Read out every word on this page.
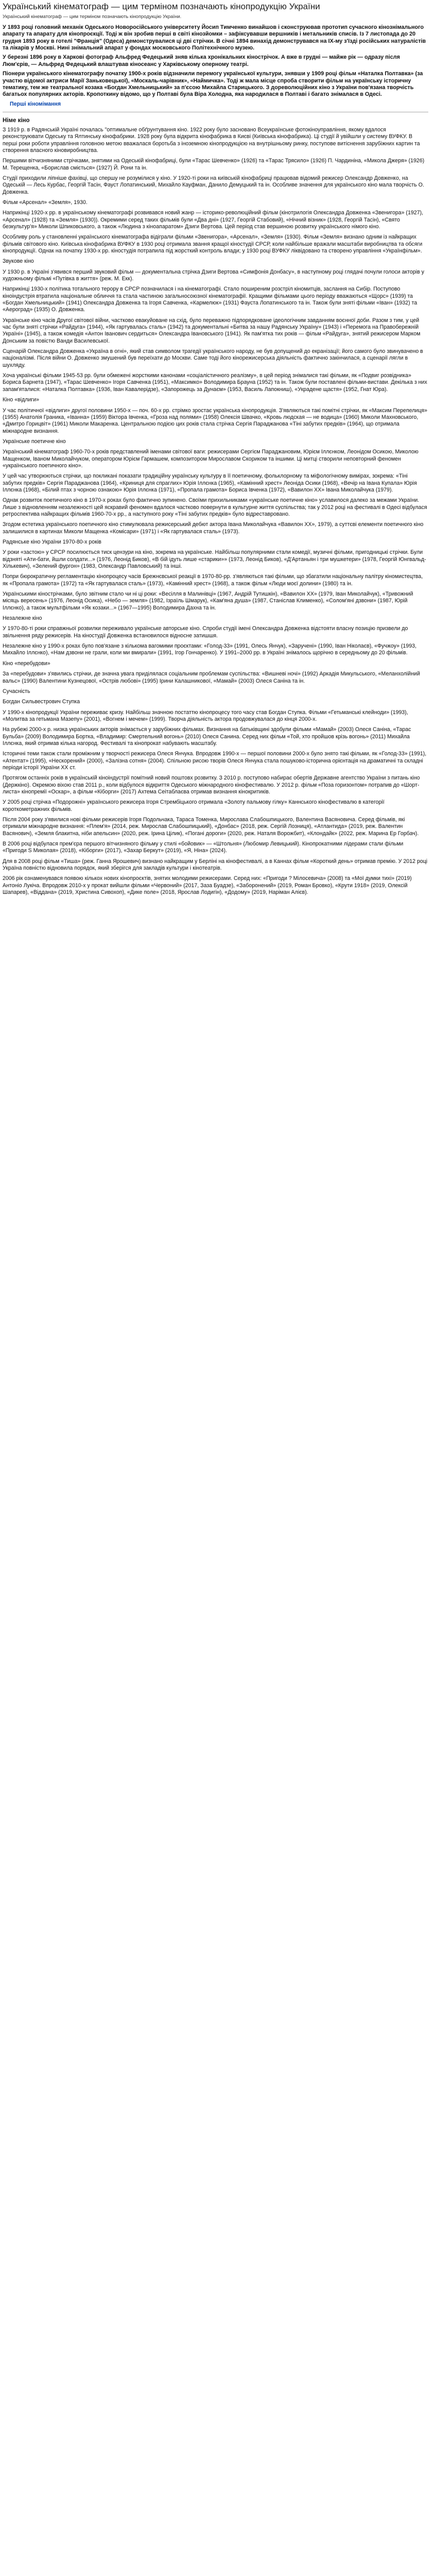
Український кінематограф — цим терміном позначають кінопродукцію України
Український кінематограф — цим терміном позначають кінопродукцію України.

У 1893 році головний механік Одеського Новоросійського університету Йосип Тимченко винайшов і сконструював прототип сучасного кінознімального апарату та апарату для кінопроєкції. Тоді ж він зробив перші в світі кінозйомки – зафіксувавши вершників і метальників списів. Із 7 листопада до 20 грудня 1893 року в готелі "Франція" (Одеса) демонструвалися ці дві стрічки. В січні 1894 винахід демонструвався на ІХ-му з'їзді російських натуралістів та лікарів у Москві. Нині знімальний апарат у фондах московського Політехнічного музею.

У березні 1896 року в Харкові фотограф Альфред Федецький зняв кілька хронікальних кінострічок. А вже в грудні — майже рік — одразу після Люм'єрів, — Альфред Федецький влаштував кіносеанс у Харківському оперному театрі.

Піонери українського кінематографу початку 1900-х років відзначили перемогу української культури, знявши у 1909 році фільм «Наталка Полтавка» (за участю відомої актриси Марії Заньковецької), «Москаль-чарівник», «Наймичка». Тоді ж мала місце спроба створити фільм на українську історичну тематику, тем же театральної козака «Богдан Хмельницький» за п'єсою Михайла Старицького. З дореволюційних кіно з України пов'язана творчість багатьох популярних акторів. Кропоткину відомо, що у Полтаві була Віра Холодна, яка народилася в Полтаві і багато знімалася в Одесі.

Перші кіномімання
Німе кіно

З 1919 р. в Радянській Україні почалась "оптимальне обґрунтування кіно. 1922 року було засновано Всеукраїнське фотокіноуправління, якому вдалося реконструювати Одеську та Ялтинську кінофабрики. 1928 року була відкрита кінофабрика в Києві (Київська кінофабрика). Ці студії й увійшли у систему ВУФКУ. В перші роки роботи управління головною метою вважалася боротьба з іноземною кінопродукцією на внутрішньому ринку, поступове витіснення зарубіжних картин та створення власного кіновиробництва.

Першими вітчизняними стрічками, знятими на Одеській кінофабриці, були «Тарас Шевченко» (1926) та «Тарас Трясило» (1926) П. Чардиніна, «Микола Джеря» (1926) М. Терещенка, «Борислав сміється» (1927) Й. Рони та ін.

Студії приходили ліпніше фахівці, що спершу не розумілися у кіно. У 1920-ті роки на київській кінофабриці працював відомий режисер Олександр Довженко, на Одеській — Лесь Курбас, Георгій Тасін, Фауст Лопатинський, Михайло Кауфман, Данило Демуцький та ін. Особливе значення для українського кіно мала творчість О. Довженка.

Фільм «Арсенал» «Земля», 1930.

Наприкінці 1920-х рр. в українському кінематографі розвивався новий жанр — історико-революційний фільм (кінотрилогія Олександра Довженка «Звенигора» (1927), «Арсенал» (1928) та «Земля» (1930)). Окремими серед таких фільмів були «Два дні» (1927, Георгій Стабовий), «Нічний візник» (1928, Георгій Тасін), «Свято безкультур'я» Миколи Шпиковського, а також «Людина з кіноапаратом» Дзиги Вертова. Цей період став вершиною розвитку українського німого кіно.

Особливу роль у становленні українського кінематографа відіграли фільми «Звенигора», «Арсенал», «Земля» (1930). Фільм «Земля» визнано одним із найкращих фільмів світового кіно. Київська кінофабрика ВУФКУ в 1930 році отримала звання кращої кіностудії СРСР, коли найбільше вражали масштаби виробництва та обсяги кінопродукції. Однак на початку 1930-х рр. кіностудія потрапила під жорсткий контроль влади; у 1930 році ВУФКУ ліквідовано та створено управління «Українфільм».

Звукове кіно

У 1930 р. в Україні з'явився перший звуковий фільм — документальна стрічка Дзиги Вертова «Симфонія Донбасу», в наступному році глядачі почули голоси акторів у художньому фільмі «Путівка в життя» (реж. М. Екк).

Наприкінці 1930-х політика тотального терору в СРСР позначилася і на кінематографі. Стало поширеним розстріл кіномитців, заслання на Сибір. Поступово кіноіндустрія втратила національне обличчя та стала частиною загальносоюзної кінематографії. Кращими фільмами цього періоду вважаються «Щорс» (1939) та «Богдан Хмельницький» (1941) Олександра Довженка та Ігоря Савченка, «Кармелюк» (1931) Фауста Лопатинського та ін. Також були зняті фільми «Іван» (1932) та «Аероград» (1935) О. Довженка.

Українське кіно часів Другої світової війни, частково евакуйоване на схід, було переважно підпорядковане ідеологічним завданням воєнної доби. Разом з тим, у цей час були зняті стрічки «Райдуга» (1944), «Як гартувалась сталь» (1942) та документальні «Битва за нашу Радянську Україну» (1943) і «Перемога на Правобережній Україні» (1945), а також комедія «Антон Іванович сердиться» Олександра Івановського (1941). Як пам'ятка тих років — фільм «Райдуга», знятий режисером Марком Донським за повістю Ванди Василевської.

Сценарій Олександра Довженка «Україна в огні», який став символом трагедії українського народу, не був допущений до екранізації; його самого було звинувачено в націоналізмі. Після війни О. Довженко змушений був переїхати до Москви. Саме тоді його кінорежисерська діяльність фактично закінчилася, а сценарії лягли в шухляду.

Хоча українські фільми 1945-53 рр. були обмежені жорсткими канонами «соціалістичного реалізму», в цей період знімалися такі фільми, як «Подвиг розвідника» Бориса Барнета (1947), «Тарас Шевченко» Ігоря Савченка (1951), «Максимко» Володимира Брауна (1952) та ін. Також були поставлені фільми-вистави. Декілька з них запам'яталися: «Наталка Полтавка» (1936, Іван Кавалерідзе), «Запорожець за Дунаєм» (1953, Василь Лапокниш), «Украдене щастя» (1952, Гнат Юра).

Кіно «відлиги»

У час політичної «відлиги» другої половини 1950-х — поч. 60-х рр. стрімко зростає українська кінопродукція. З'являються такі помітні стрічки, як «Максим Перепелиця» (1955) Анатолія Граника, «Іванна» (1959) Віктора Івченка, «Гроза над полями» (1958) Олексія Швачко, «Кровь людская — не водица» (1960) Миколи Махновського, «Дмитро Горицвіт» (1961) Миколи Макаренка. Центральною подією цих років стала стрічка Сергія Параджанова «Тіні забутих предків» (1964), що отримала міжнародне визнання.

Українське поетичне кіно

Український кінематограф 1960-70-х років представлений іменами світової ваги: режисерами Сергієм Параджановим, Юрієм Іллєнком, Леонідом Осикою, Миколою Мащенком, Іваном Миколайчуком, оператором Юрієм Гармашем, композитором Мирославом Скориком та іншими. Ці митці створили неповторний феномен «українського поетичного кіно».

У цей час утворюються стрічки, що покликані показати традиційну українську культуру в її поетичному, фольклорному та міфологічному вимірах, зокрема: «Тіні забутих предків» Сергія Параджанова (1964), «Криниця для спраглих» Юрія Іллєнка (1965), «Камінний хрест» Леоніда Осики (1968), «Вечір на Івана Купала» Юрія Іллєнка (1968), «Білий птах з чорною ознакою» Юрія Іллєнка (1971), «Пропала грамота» Бориса Івченка (1972), «Вавилон ХХ» Івана Миколайчука (1979).

Однак розвиток поетичного кіно в 1970-х роках було фактично зупинено. Своїми прихильниками «українське поетичне кіно» уславилося далеко за межами України. Лише з відновленням незалежності цей яскравий феномен вдалося частково повернути в культурне життя суспільства; так у 2012 році на фестивалі в Одесі відбулася ретроспектива найкращих фільмів 1960-70-х рр., а наступного року «Тіні забутих предків» було відреставровано.

Згодом естетика українського поетичного кіно стимулювала режисерський дебют актора Івана Миколайчука «Вавилон ХХ», 1979), а суттєві елементи поетичного кіно залишилися в картинах Миколи Мащенка «Комісари» (1971) і «Як гартувалася сталь» (1973).

Радянське кіно України 1970-80-х років

У роки «застою» у СРСР посилюється тиск цензури на кіно, зокрема на українське. Найбільш популярними стали комедії, музичні фільми, пригодницькі стрічки. Були відзняті «Ати-бати, йшли солдати...» (1976, Леонід Биков), «В бій ідуть лише «старики»» (1973, Леонід Биков), «Д'Артаньян і три мушкетери» (1978, Георгій Юнгвальд-Хількевич), «Зелений фургон» (1983, Олександр Павловський) та інші.

Попри бюрократичну регламентацію кінопроцесу часів Брежнєвської реакції в 1970-80-рр. з'являються такі фільми, що збагатили національну палітру кіномистецтва, як «Пропала грамота» (1972) та «Як гартувалася сталь» (1973), «Камінний хрест» (1968), а також фільм «Люди моєї долини» (1980) та ін.

Українськими кінострічками, було звітним стало чи ні ці роки: «Весілля в Малинівці» (1967, Андрій Тутишкін), «Вавилон ХХ» (1979, Іван Миколайчук), «Тривожний місяць вересень» (1976, Леонід Осика), «Небо — земля» (1982, Ізраїль Шмарук), «Кам'яна душа» (1987, Станіслав Клименко), «Солом'яні дзвони» (1987, Юрій Іллєнко), а також мультфільми «Як козаки...» (1967—1995) Володимира Дахна та ін.

Незалежне кіно

У 1970-80-ті роки справжньої розвилки переживало українське авторське кіно. Спроби студії імені Олександра Довженка відстояти власну позицію призвели до звільнення ряду режисерів. На кіностудії Довженка встановилося відносне затишшя.

Незалежне кіно у 1990-х роках було пов'язане з кількома вагомими проєктами: «Голод-33» (1991, Олесь Янчук), «Заручені» (1990, Іван Ніколаєв), «Фучжоу» (1993, Михайло Іллєнко), «Нам дзвони не грали, коли ми вмирали» (1991, Ігор Гончаренко). У 1991–2000 рр. в Україні знімалось щорічно в середньому до 20 фільмів.

Кіно «перебудови»

За «перебудови» з'явились стрічки, де значна увага приділялася соціальним проблемам суспільства: «Вишневі ночі» (1992) Аркадія Микульського, «Меланхолійний вальс» (1990) Валентини Кузнецової, «Острів любові» (1995) Ірини Калашникової, «Мамай» (2003) Олеся Саніна та ін.

Сучасність

Богдан Сильвестрович Ступка

У 1990-х кінопродукції України переживає кризу. Найбільш значною постаттю кінопроцесу того часу став Богдан Ступка. Фільми «Гетьманські клейноди» (1993), «Молитва за гетьмана Мазепу» (2001), «Вогнем і мечем» (1999). Творча діяльність актора продовжувалася до кінця 2000-х.

На рубежі 2000-х р. низка українських акторів знімається у зарубіжних фільмах. Визнання на батьківщині здобули фільми «Мамай» (2003) Олеся Саніна, «Тарас Бульба» (2009) Володимира Бортка, «Владимир: Смертельний вогонь» (2010) Олеся Санина. Серед них фільм «Той, хто пройшов крізь вогонь» (2011) Михайла Іллєнка, який отримав кілька нагород. Фестивалі та кінопрокат набувають масштабу.

Історичні теми також стали проміжним у творчості режисера Олеся Янчука. Впродовж 1990-х — першої половини 2000-х було знято такі фільми, як «Голод-33» (1991), «Атентат» (1995), «Нескорений» (2000), «Залізна сотня» (2004). Спільною рисою творів Олеся Янчука стала пошуково-історична орієнтація на драматичні та складні періоди історії України ХХ ст.

Протягом останніх років в українській кіноіндустрії помітний новий поштовх розвитку. З 2010 р. поступово набирає обертів Державне агентство України з питань кіно (Держкіно). Окремою віхою став 2011 р., коли відбулося відкриття Одеського міжнародного кінофестивалю. У 2012 р. фільм «Поза горизонтом» потрапив до «Шорт-листа» кінопремії «Оскар», а фільм «Кіборги» (2017) Ахтема Сеітаблаєва отримав визнання кінокритиків.

У 2005 році стрічка «Подорожні» українського режисера Ігоря Стрембіцького отримала «Золоту пальмову гілку» Каннського кінофестивалю в категорії короткометражних фільмів.

Після 2004 року з'явилися нові фільми режисерів Ігоря Подольчака, Тараса Томенка, Мирослава Слабошпицького, Валентина Васяновича. Серед фільмів, які отримали міжнародне визнання: «Плем'я» (2014, реж. Мирослав Слабошпицький), «Донбас» (2018, реж. Сергій Лозниця), «Атлантида» (2019, реж. Валентин Васянович), «Земля блакитна, ніби апельсин» (2020, реж. Ірина Цілик), «Погані дороги» (2020, реж. Наталя Ворожбит), «Клондайк» (2022, реж. Марина Ер Горбач).

В 2006 році відбулася прем'єра першого вітчизняного фільму у стилі «бойовик» — «Штольня» (Любомир Левицький). Кінопрокатними лідерами стали фільми «Пригоди S Миколая» (2018), «Кіборги» (2017), «Захар Беркут» (2019), «Я, Ніна» (2024).

Для в 2008 році фільм «Тиша» (реж. Ганна Ярошевич) визнано найкращим у Берліні на кінофестивалі, а в Каннах фільм «Короткий день» отримав премію. У 2012 році Україна повністю відновила порядок, який зберігся для закладів культури і кінотеатрів.

2006 рік ознаменувався появою кількох нових кінопроєктів, знятих молодими режисерами. Серед них: «Пригоди ? Мілосевича» (2008) та «Мої думки тихі» (2019) Антоніо Лукіча. Впродовж 2010-х у прокат вийшли фільми «Червоний» (2017, Заза Буадзе), «Заборонений» (2019, Роман Бровко), «Крути 1918» (2019, Олексій Шапарев), «Віддана» (2019, Христина Сивохоп), «Дике поле» (2018, Ярослав Лодигін), «Додому» (2019, Наріман Алієв).
